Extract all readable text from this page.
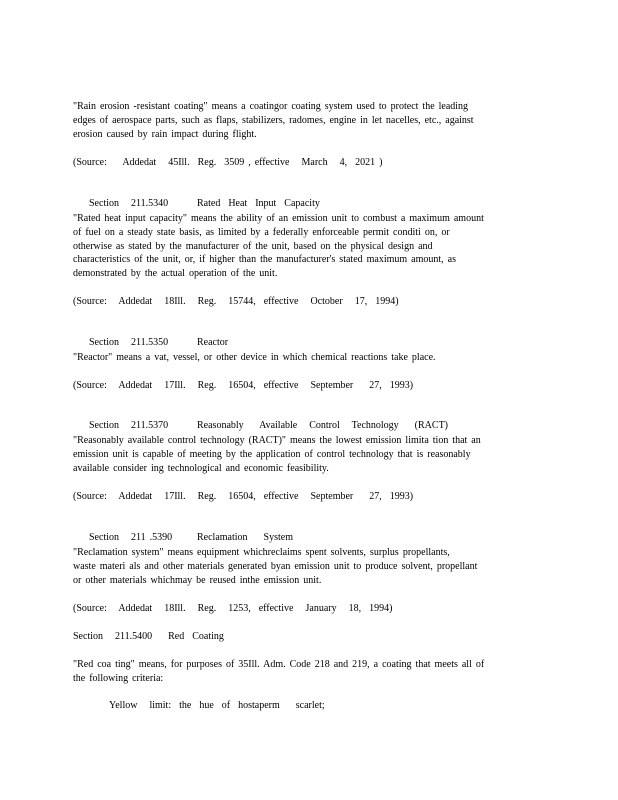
"Rain erosion -resistant coating" means a coatingor coating system used to protect the leading
edges of aerospace parts, such as flaps, stabilizers, radomes, engine in let nacelles, etc., against
erosion caused by rain impact during flight.

(Source:    Addedat   45Ill.  Reg.  3509 , effective   March   4,  2021 )

Section   211.5340	Rated  Heat  Input  Capacity

"Rated heat input capacity" means the ability of an emission unit to combust a maximum amount
of fuel on a steady state basis, as limited by a federally enforceable permit conditi on, or
otherwise as stated by the manufacturer of the unit, based on the physical design and
characteristics of the unit, or, if higher than the manufacturer's stated maximum amount, as
demonstrated by the actual operation of the unit.

(Source:   Addedat   18Ill.   Reg.   15744,  effective   October   17,  1994)

Section   211.5350	Reactor

"Reactor" means a vat, vessel, or other device in which chemical reactions take place.

(Source:   Addedat   17Ill.   Reg.   16504,  effective   September    27,  1993)

Section   211.5370	Reasonably    Available   Control   Technology    (RACT)

"Reasonably available control technology (RACT)" means the lowest emission limita tion that an
emission unit is capable of meeting by the application of control technology that is reasonably
available consider ing technological and economic feasibility.

(Source:   Addedat   17Ill.   Reg.   16504,  effective   September    27,  1993)

Section   211 .5390 Reclamation    System

"Reclamation system" means equipment whichreclaims spent solvents, surplus propellants,
waste materi als and other materials generated byan emission unit to produce solvent, propellant
or other materials whichmay be reused inthe emission unit.

(Source:   Addedat   18Ill.   Reg.   1253,  effective   January   18,  1994)
Section   211.5400    Red  Coating

"Red coa ting" means, for purposes of 35Ill. Adm. Code 218 and 219, a coating that meets all of
the following criteria:

Yellow   limit:  the  hue  of  hostaperm    scarlet;
